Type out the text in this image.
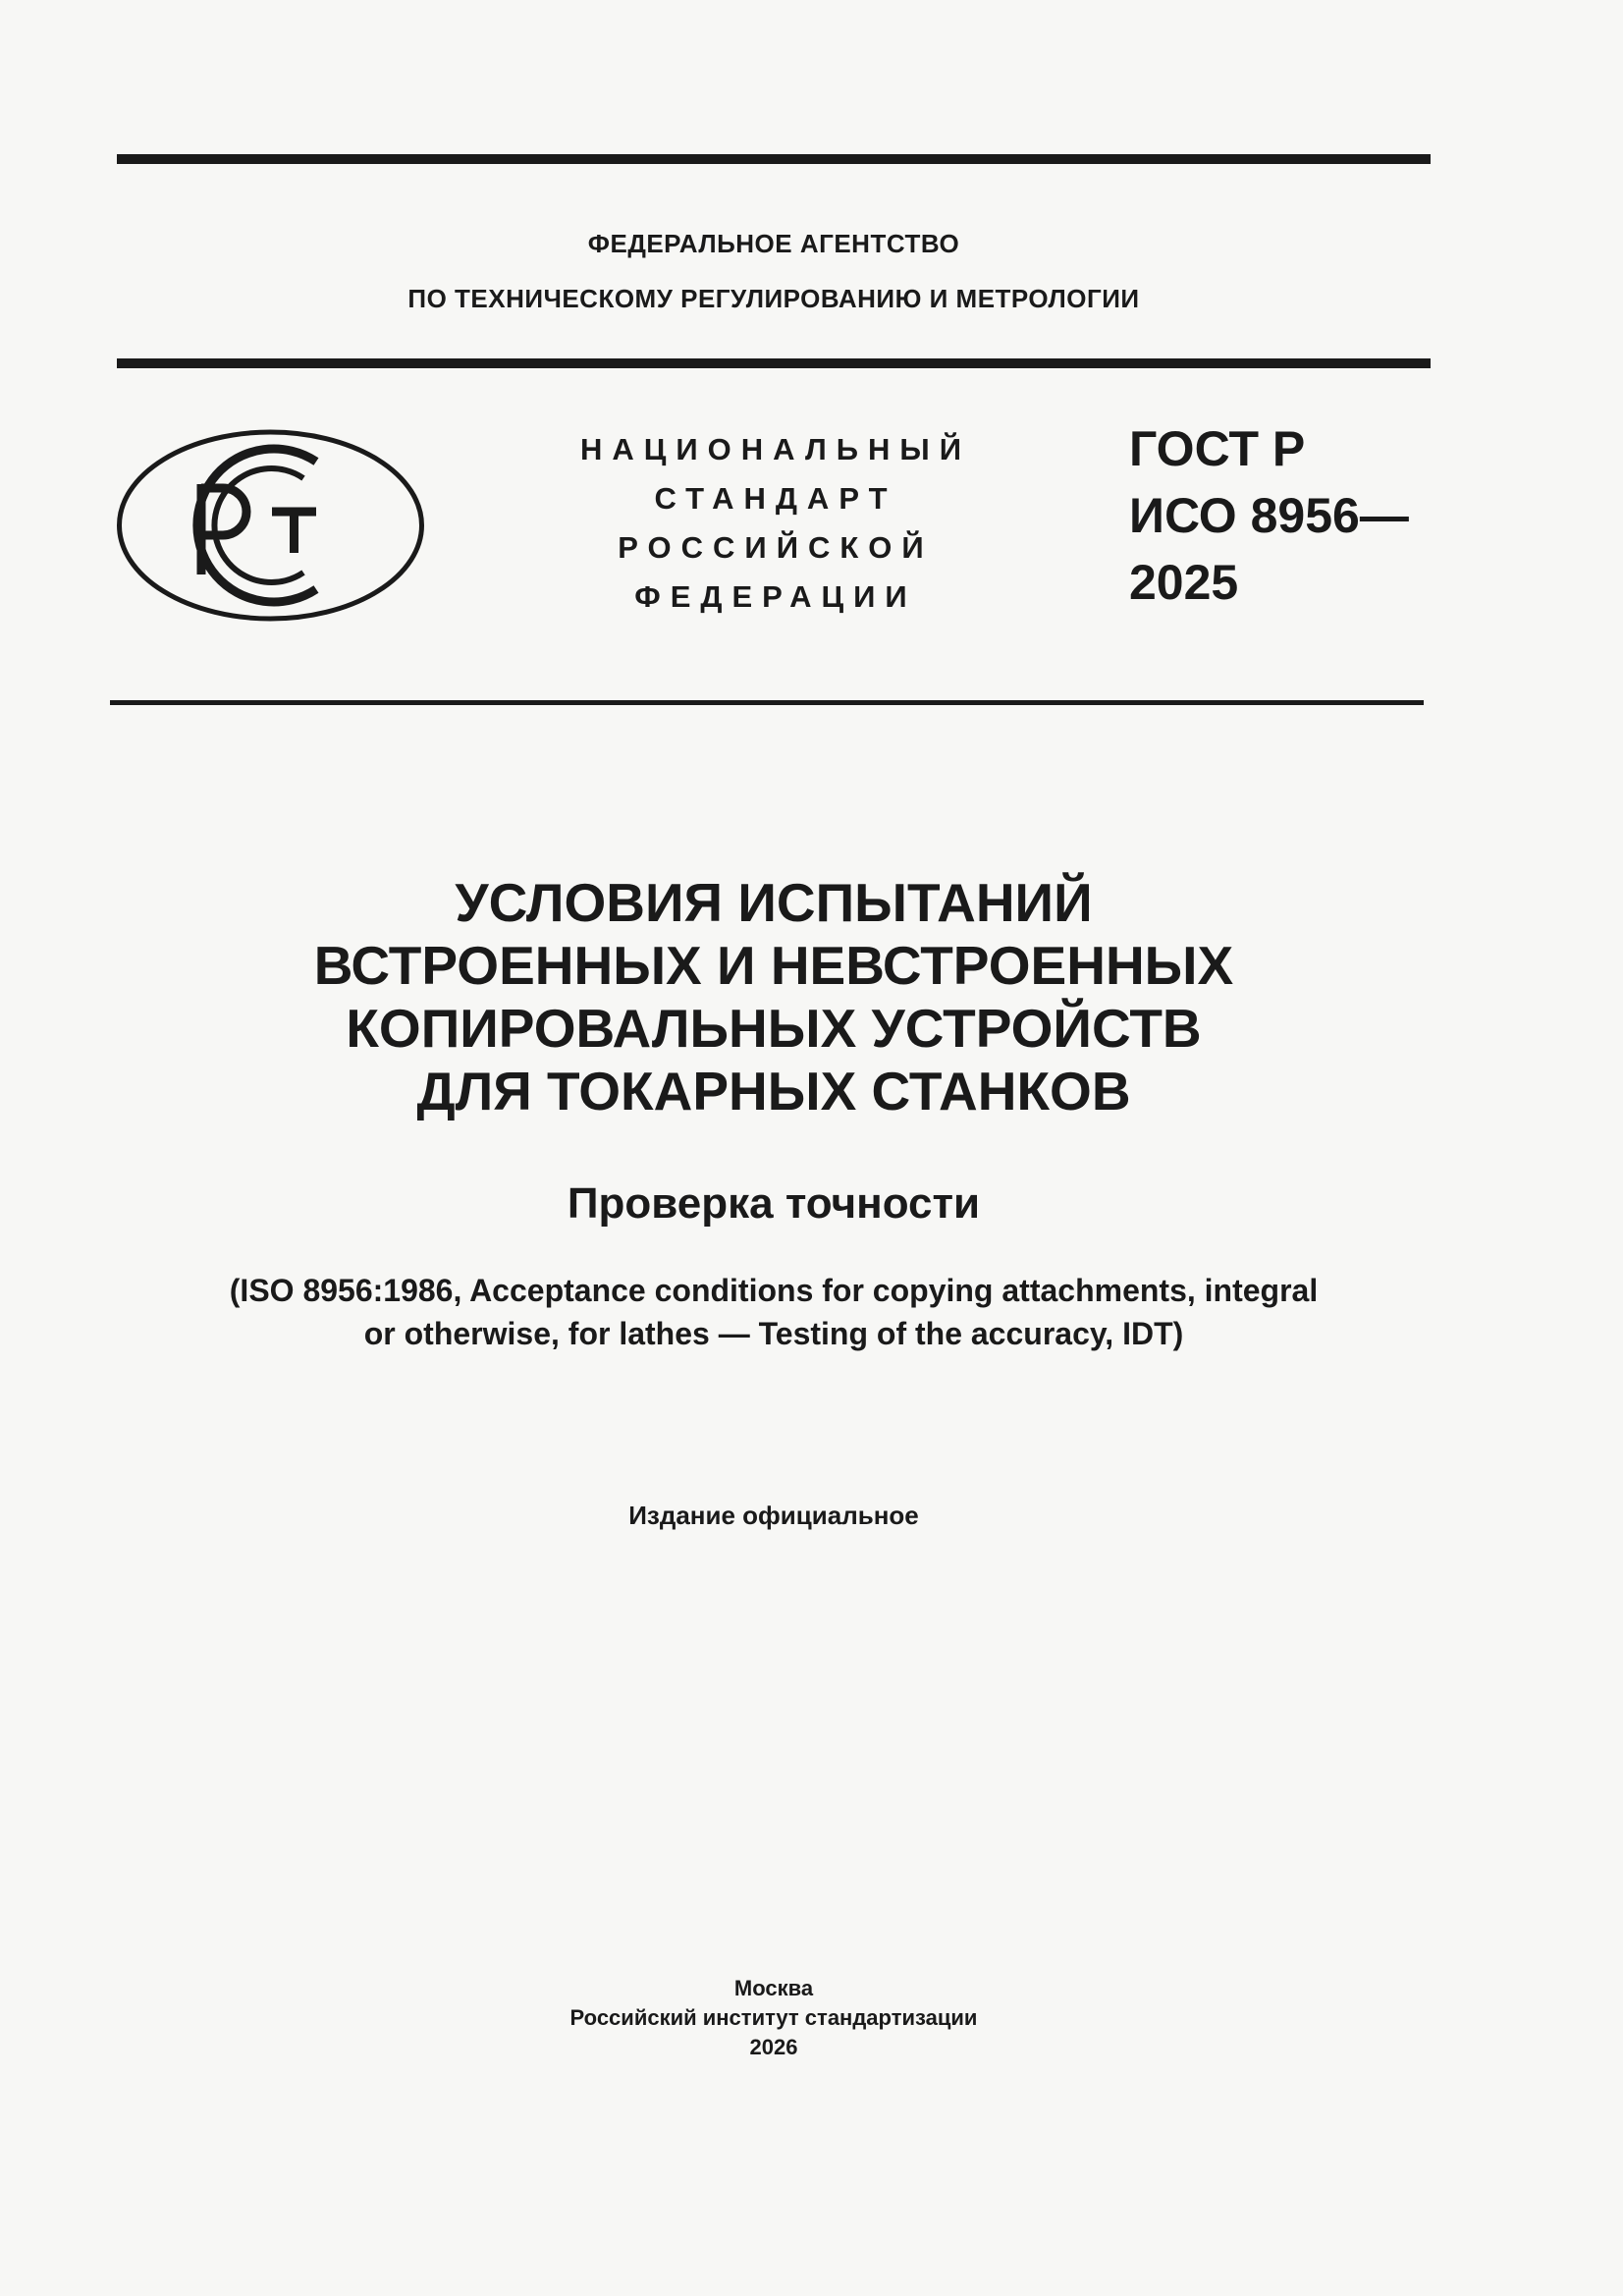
ФЕДЕРАЛЬНОЕ АГЕНТСТВО
ПО ТЕХНИЧЕСКОМУ РЕГУЛИРОВАНИЮ И МЕТРОЛОГИИ
НАЦИОНАЛЬНЫЙ
СТАНДАРТ
РОССИЙСКОЙ
ФЕДЕРАЦИИ
ГОСТ Р
ИСО 8956—
2025
УСЛОВИЯ ИСПЫТАНИЙ
ВСТРОЕННЫХ И НЕВСТРОЕННЫХ
КОПИРОВАЛЬНЫХ УСТРОЙСТВ
ДЛЯ ТОКАРНЫХ СТАНКОВ
Проверка точности
(ISO 8956:1986, Acceptance conditions for copying attachments, integral
or otherwise, for lathes — Testing of the accuracy, IDT)
Издание официальное
Москва
Российский институт стандартизации
2026
